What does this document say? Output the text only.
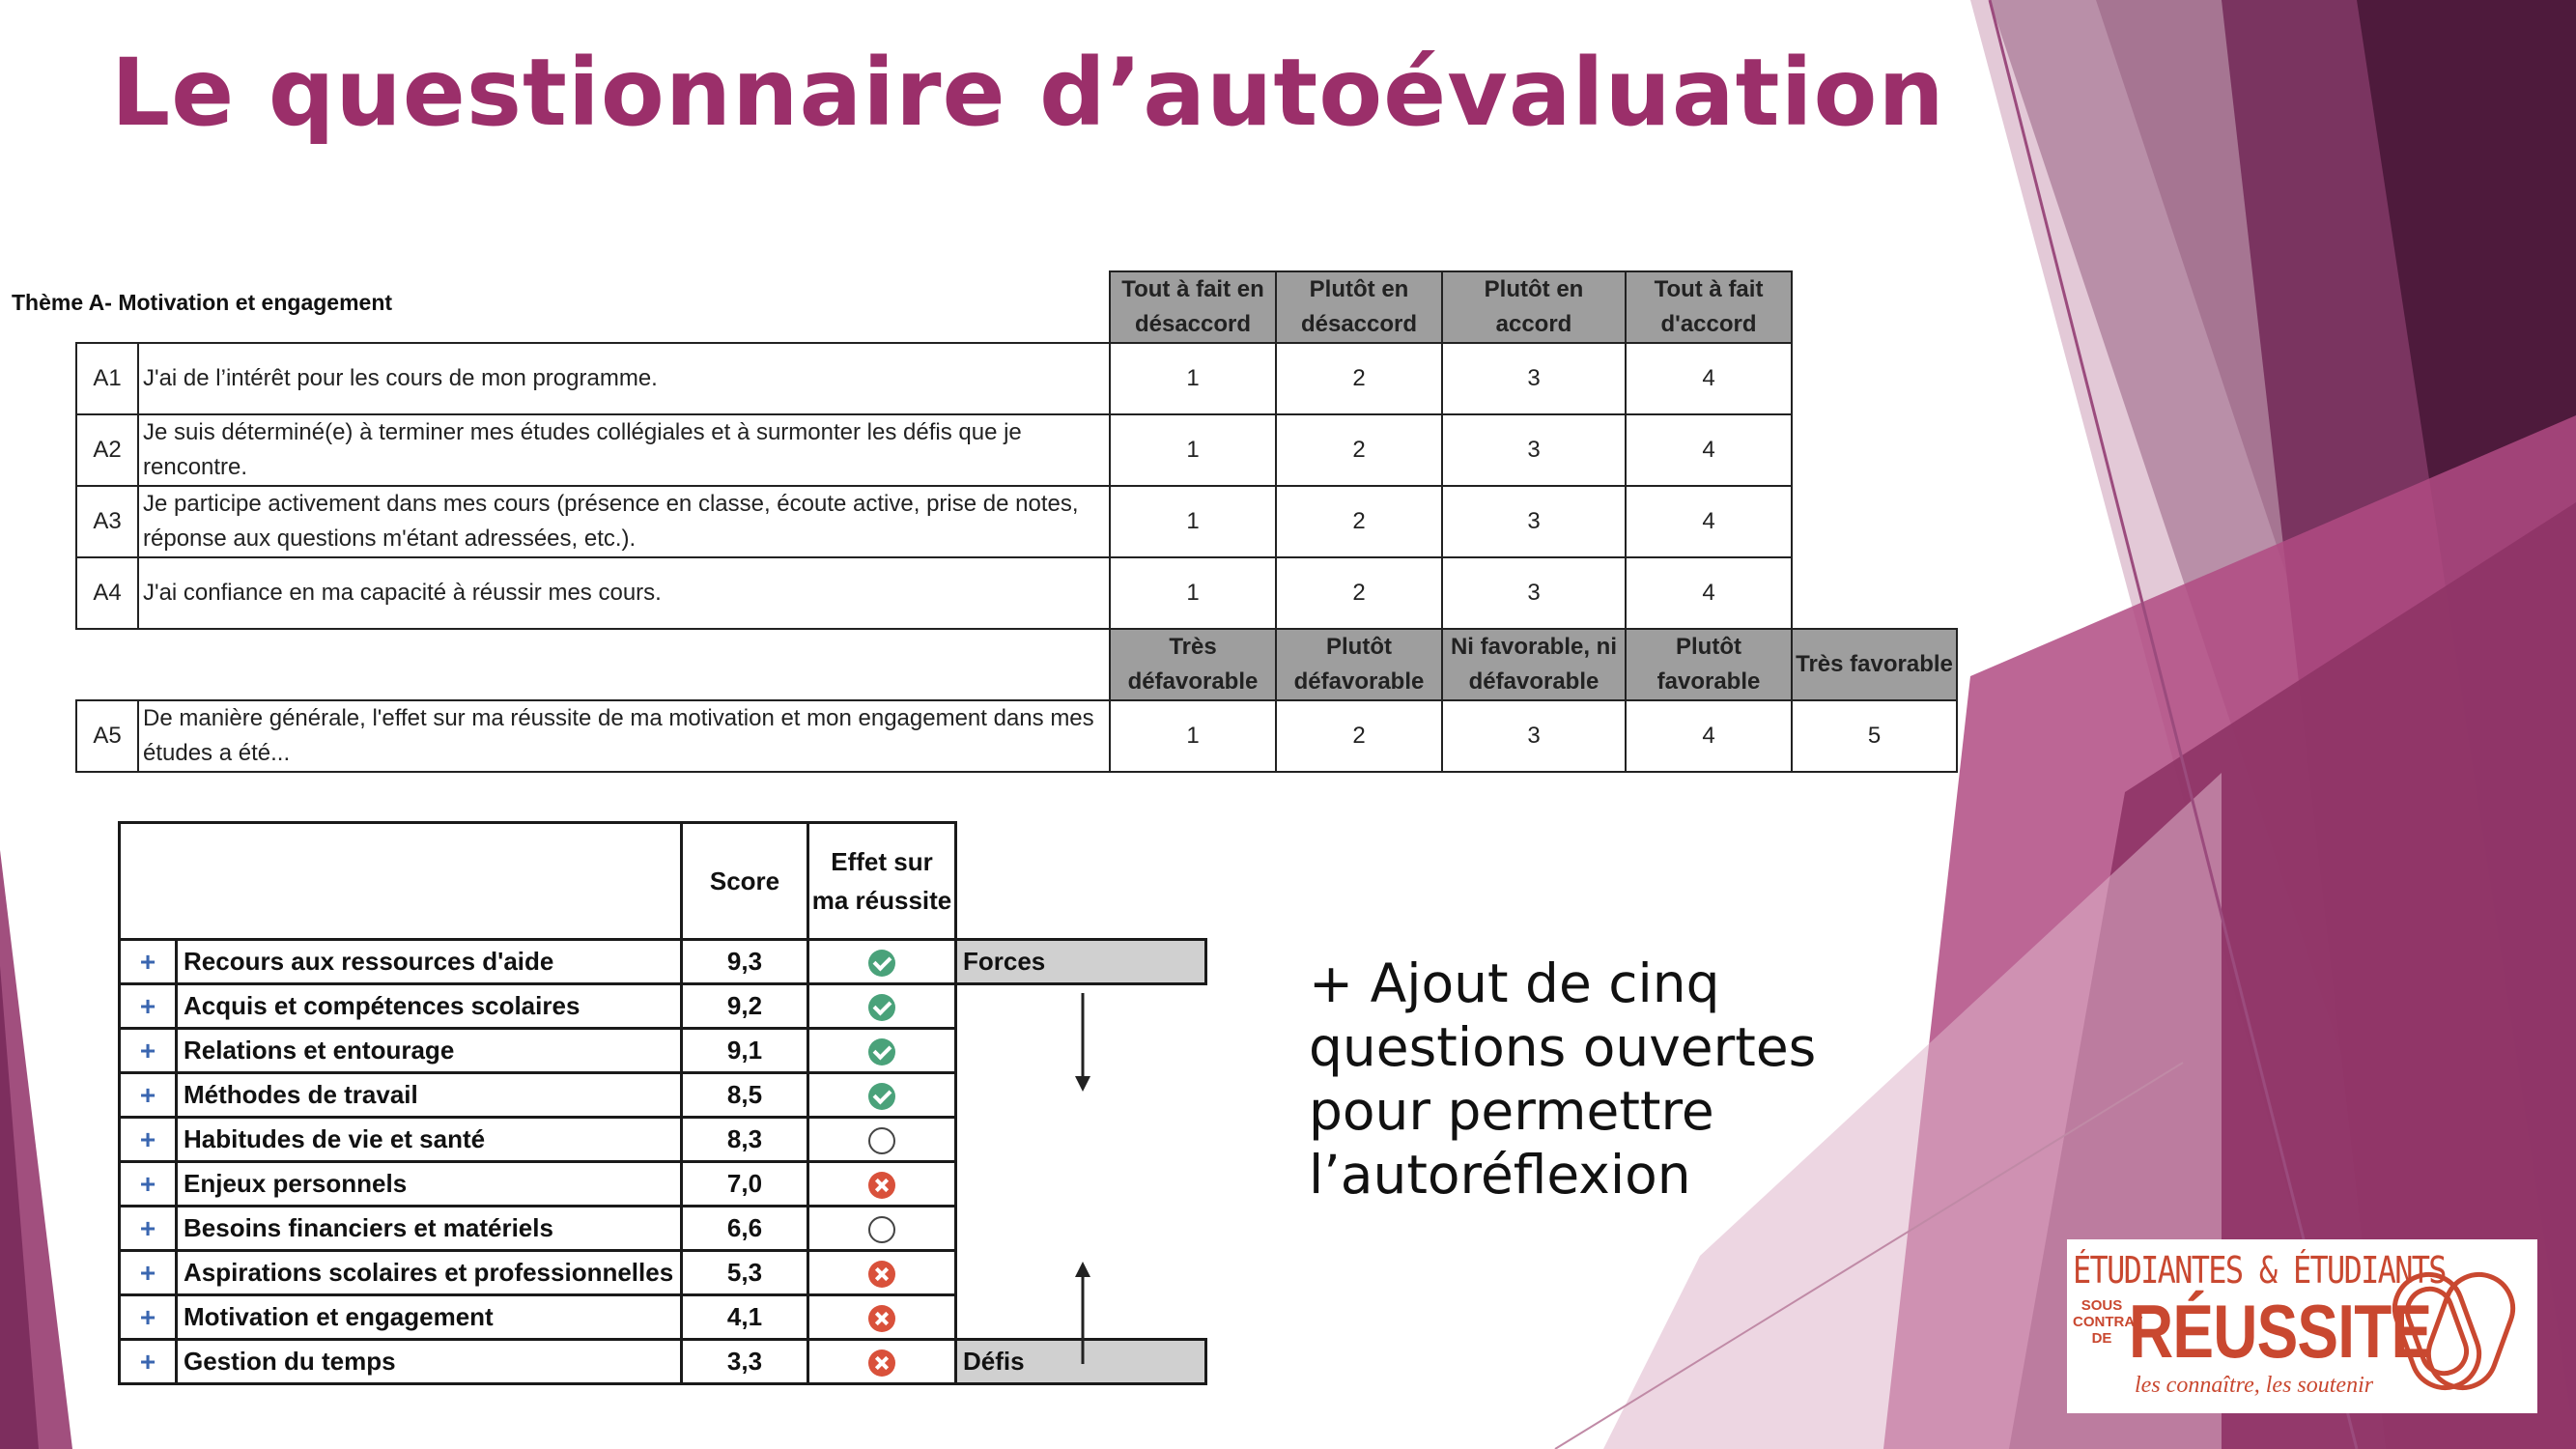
Le questionnaire d’autoévaluation
Thème A- Motivation et engagement
			Tout à fait en désaccord	Plutôt en désaccord	Plutôt en accord	Tout à fait d'accord	
A1	J'ai de l’intérêt pour les cours de mon programme.	1	2	3	4	
A2	Je suis déterminé(e) à terminer mes études collégiales et à surmonter les défis que je rencontre.	1	2	3	4	
A3	Je participe activement dans mes cours (présence en classe, écoute active, prise de notes, réponse aux questions m'étant adressées, etc.).	1	2	3	4	
A4	J'ai confiance en ma capacité à réussir mes cours.	1	2	3	4	
		Très défavorable	Plutôt défavorable	Ni favorable, ni défavorable	Plutôt favorable	Très favorable
A5	De manière générale, l'effet sur ma réussite de ma motivation et mon engagement dans mes études a été...	1	2	3	4	5
		Score	Effet sur ma réussite	
+	Recours aux ressources d'aide	9,3		Forces
+	Acquis et compétences scolaires	9,2		
+	Relations et entourage	9,1		
+	Méthodes de travail	8,5		
+	Habitudes de vie et santé	8,3		
+	Enjeux personnels	7,0		
+	Besoins financiers et matériels	6,6		
+	Aspirations scolaires et professionnelles	5,3		
+	Motivation et engagement	4,1		
+	Gestion du temps	3,3		Défis
+ Ajout de cinq questions ouvertes pour permettre l’autoréflexion
ÉTUDIANTES & ÉTUDIANTS
SOUS CONTRAT DE RÉUSSITE
les connaître, les soutenir
